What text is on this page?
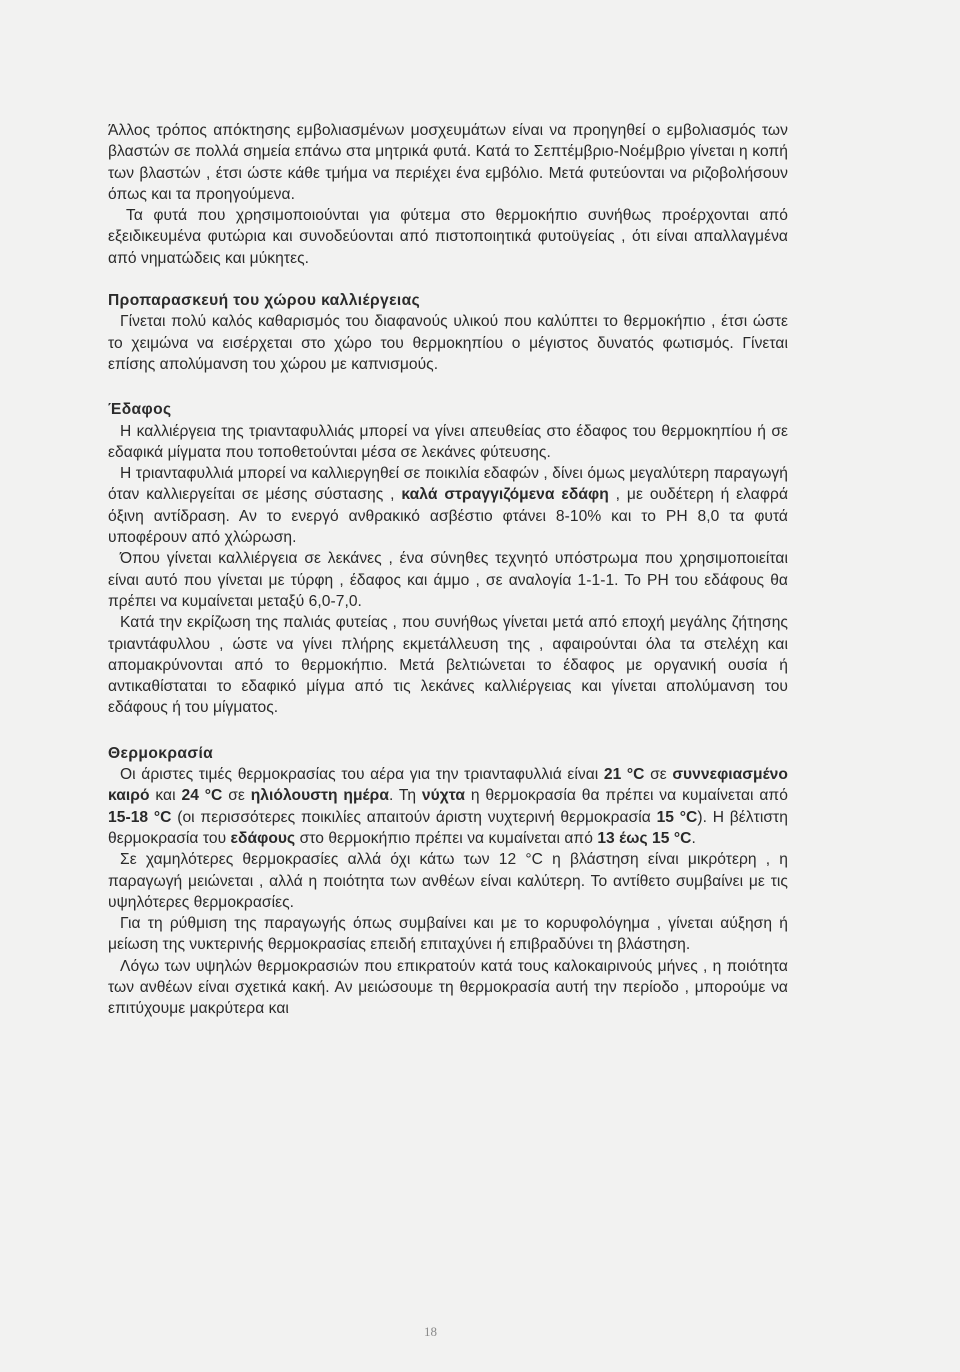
Άλλος τρόπος απόκτησης εμβολιασμένων μοσχευμάτων είναι να προηγηθεί ο εμβολιασμός των βλαστών σε πολλά σημεία επάνω στα μητρικά φυτά. Κατά το Σεπτέμβριο-Νοέμβριο γίνεται η κοπή των βλαστών , έτσι ώστε κάθε τμήμα να περιέχει ένα εμβόλιο. Μετά φυτεύονται να ριζοβολήσουν όπως και τα προηγούμενα.

Τα φυτά που χρησιμοποιούνται για φύτεμα στο θερμοκήπιο συνήθως προέρχονται από εξειδικευμένα φυτώρια και συνοδεύονται από πιστοποιητικά φυτοϋγείας , ότι είναι απαλλαγμένα από νηματώδεις και μύκητες.

Προπαρασκευή του χώρου καλλιέργειας

Γίνεται πολύ καλός καθαρισμός του διαφανούς υλικού που καλύπτει το θερμοκήπιο , έτσι ώστε το χειμώνα να εισέρχεται στο χώρο του θερμοκηπίου ο μέγιστος δυνατός φωτισμός. Γίνεται επίσης απολύμανση του χώρου με καπνισμούς.

Έδαφος

Η καλλιέργεια της τριανταφυλλιάς μπορεί να γίνει απευθείας στο έδαφος του θερμοκηπίου ή σε εδαφικά μίγματα που τοποθετούνται μέσα σε λεκάνες φύτευσης.

Η τριανταφυλλιά μπορεί να καλλιεργηθεί σε ποικιλία εδαφών , δίνει όμως μεγαλύτερη παραγωγή όταν καλλιεργείται σε μέσης σύστασης , καλά στραγγιζόμενα εδάφη , με ουδέτερη ή ελαφρά όξινη αντίδραση. Αν το ενεργό ανθρακικό ασβέστιο φτάνει 8-10% και το PH 8,0 τα φυτά υποφέρουν από χλώρωση.

Όπου γίνεται καλλιέργεια σε λεκάνες , ένα σύνηθες τεχνητό υπόστρωμα που χρησιμοποιείται είναι αυτό που γίνεται με τύρφη , έδαφος και άμμο , σε αναλογία 1-1-1. Το PH του εδάφους θα πρέπει να κυμαίνεται μεταξύ 6,0-7,0.

Κατά την εκρίζωση της παλιάς φυτείας , που συνήθως γίνεται μετά από εποχή μεγάλης ζήτησης τριαντάφυλλου , ώστε να γίνει πλήρης εκμετάλλευση της , αφαιρούνται όλα τα στελέχη και απομακρύνονται από το θερμοκήπιο. Μετά βελτιώνεται το έδαφος με οργανική ουσία ή αντικαθίσταται το εδαφικό μίγμα από τις λεκάνες καλλιέργειας και γίνεται απολύμανση του εδάφους ή του μίγματος.

Θερμοκρασία

Οι άριστες τιμές θερμοκρασίας του αέρα για την τριανταφυλλιά είναι 21 °C σε συννεφιασμένο καιρό και 24 °C σε ηλιόλουστη ημέρα. Τη νύχτα η θερμοκρασία θα πρέπει να κυμαίνεται από 15-18 °C (οι περισσότερες ποικιλίες απαιτούν άριστη νυχτερινή θερμοκρασία 15 °C). Η βέλτιστη θερμοκρασία του εδάφους στο θερμοκήπιο πρέπει να κυμαίνεται από 13 έως 15 °C.

Σε χαμηλότερες θερμοκρασίες αλλά όχι κάτω των 12 °C η βλάστηση είναι μικρότερη , η παραγωγή μειώνεται , αλλά η ποιότητα των ανθέων είναι καλύτερη. Το αντίθετο συμβαίνει με τις υψηλότερες θερμοκρασίες.

Για τη ρύθμιση της παραγωγής όπως συμβαίνει και με το κορυφολόγημα , γίνεται αύξηση ή μείωση της νυκτερινής θερμοκρασίας επειδή επιταχύνει ή επιβραδύνει τη βλάστηση.

Λόγω των υψηλών θερμοκρασιών που επικρατούν κατά τους καλοκαιρινούς μήνες , η ποιότητα των ανθέων είναι σχετικά κακή. Αν μειώσουμε τη θερμοκρασία αυτή την περίοδο , μπορούμε να επιτύχουμε μακρύτερα και

18
